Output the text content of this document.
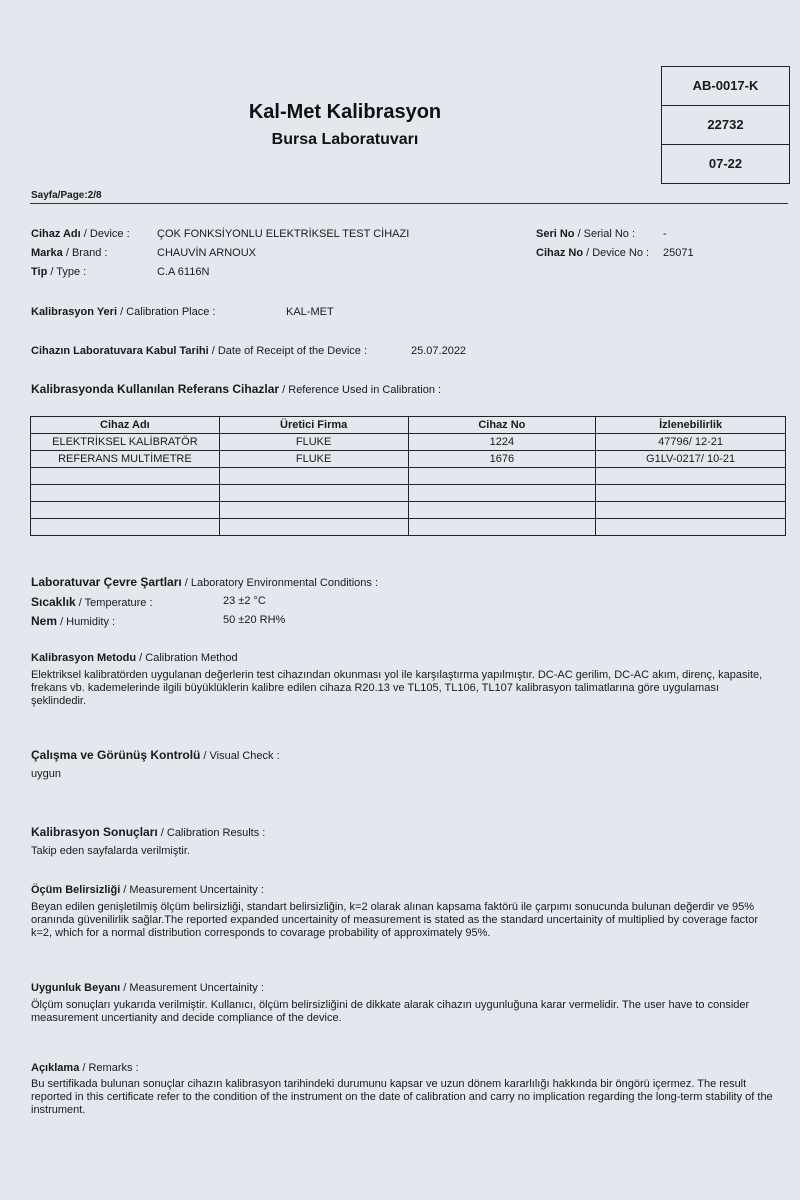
Kal-Met Kalibrasyon
Bursa Laboratuvarı
AB-0017-K
22732
07-22
Sayfa/Page:2/8
Cihaz Adı / Device : ÇOK FONKSİYONLU ELEKTRİKSEL TEST CİHAZI
Marka / Brand :	CHAUVİN ARNOUX
Tip / Type :	C.A 6116N
Seri No / Serial No :	-
Cihaz No / Device No : 25071
Kalibrasyon Yeri / Calibration Place :	KAL-MET
Cihazın Laboratuvara Kabul Tarihi / Date of Receipt of the Device :	25.07.2022
Kalibrasyonda Kullanılan Referans Cihazlar / Reference Used in Calibration :
Cihaz Adı	Üretici Firma	Cihaz No	İzlenebilirlik
ELEKTRİKSEL KALİBRATÖR	FLUKE	1224	47796/ 12-21
REFERANS MULTİMETRE	FLUKE	1676	G1LV-0217/ 10-21

Laboratuvar Çevre Şartları / Laboratory Environmental Conditions :
Sıcaklık / Temperature :	23 ±2 °C
Nem / Humidity :	50 ±20 RH%
Kalibrasyon Metodu / Calibration Method
Elektriksel kalibratörden uygulanan değerlerin test cihazından okunması yol ile karşılaştırma yapılmıştır. DC-AC gerilim, DC-AC akım, direnç, kapasite, frekans vb. kademelerinde ilgili büyüklüklerin kalibre edilen cihaza R20.13 ve TL105, TL106, TL107 kalibrasyon talimatlarına göre uygulaması şeklindedir.
Çalışma ve Görünüş Kontrolü / Visual Check :
uygun
Kalibrasyon Sonuçları / Calibration Results :
Takip eden sayfalarda verilmiştir.
Öçüm Belirsizliği / Measurement Uncertainity :
Beyan edilen genişletilmiş ölçüm belirsizliği, standart belirsizliğin, k=2 olarak alınan kapsama faktörü ile çarpımı sonucunda bulunan değerdir ve 95% oranında güvenilirlik sağlar.The reported expanded uncertainity of measurement is stated as the standard uncertainity of multiplied by coverage factor k=2, which for a normal distribution corresponds to covarage probability of approximately 95%.
Uygunluk Beyanı / Measurement Uncertainity :
Ölçüm sonuçları yukarıda verilmiştir. Kullanıcı, ölçüm belirsizliğini de dikkate alarak cihazın uygunluğuna karar vermelidir. The user have to consider measurement uncertianity and decide compliance of the device.
Açıklama / Remarks :
Bu sertifikada bulunan sonuçlar cihazın kalibrasyon tarihindeki durumunu kapsar ve uzun dönem kararlılığı hakkında bir öngörü içermez. The result reported in this certificate refer to the condition of the instrument on the date of calibration and carry no implication regarding the long-term stability of the instrument.
